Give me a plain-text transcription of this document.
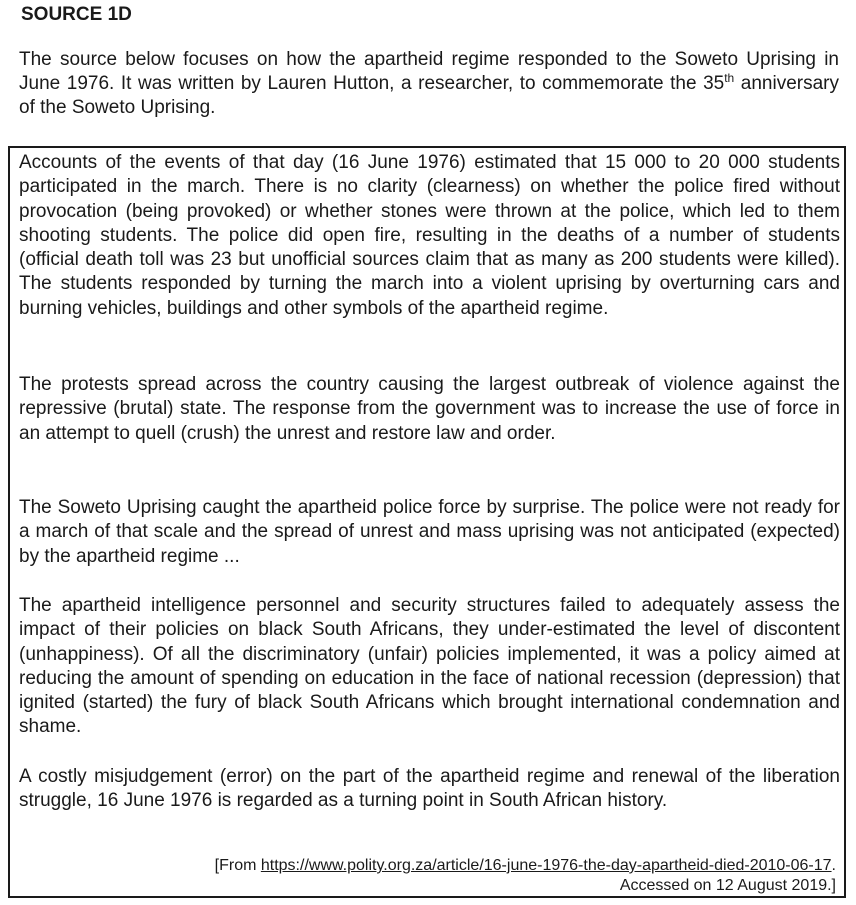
SOURCE 1D
The source below focuses on how the apartheid regime responded to the Soweto Uprising in June 1976. It was written by Lauren Hutton, a researcher, to commemorate the 35th anniversary of the Soweto Uprising.

Accounts of the events of that day (16 June 1976) estimated that 15 000 to 20 000 students participated in the march. There is no clarity (clearness) on whether the police fired without provocation (being provoked) or whether stones were thrown at the police, which led to them shooting students. The police did open fire, resulting in the deaths of a number of students (official death toll was 23 but unofficial sources claim that as many as 200 students were killed). The students responded by turning the march into a violent uprising by overturning cars and burning vehicles, buildings and other symbols of the apartheid regime.

The protests spread across the country causing the largest outbreak of violence against the repressive (brutal) state. The response from the government was to increase the use of force in an attempt to quell (crush) the unrest and restore law and order.

The Soweto Uprising caught the apartheid police force by surprise. The police were not ready for a march of that scale and the spread of unrest and mass uprising was not anticipated (expected) by the apartheid regime ...

The apartheid intelligence personnel and security structures failed to adequately assess the impact of their policies on black South Africans, they under-estimated the level of discontent (unhappiness). Of all the discriminatory (unfair) policies implemented, it was a policy aimed at reducing the amount of spending on education in the face of national recession (depression) that ignited (started) the fury of black South Africans which brought international condemnation and shame.

A costly misjudgement (error) on the part of the apartheid regime and renewal of the liberation struggle, 16 June 1976 is regarded as a turning point in South African history.

[From https://www.polity.org.za/article/16-june-1976-the-day-apartheid-died-2010-06-17.
Accessed on 12 August 2019.]
